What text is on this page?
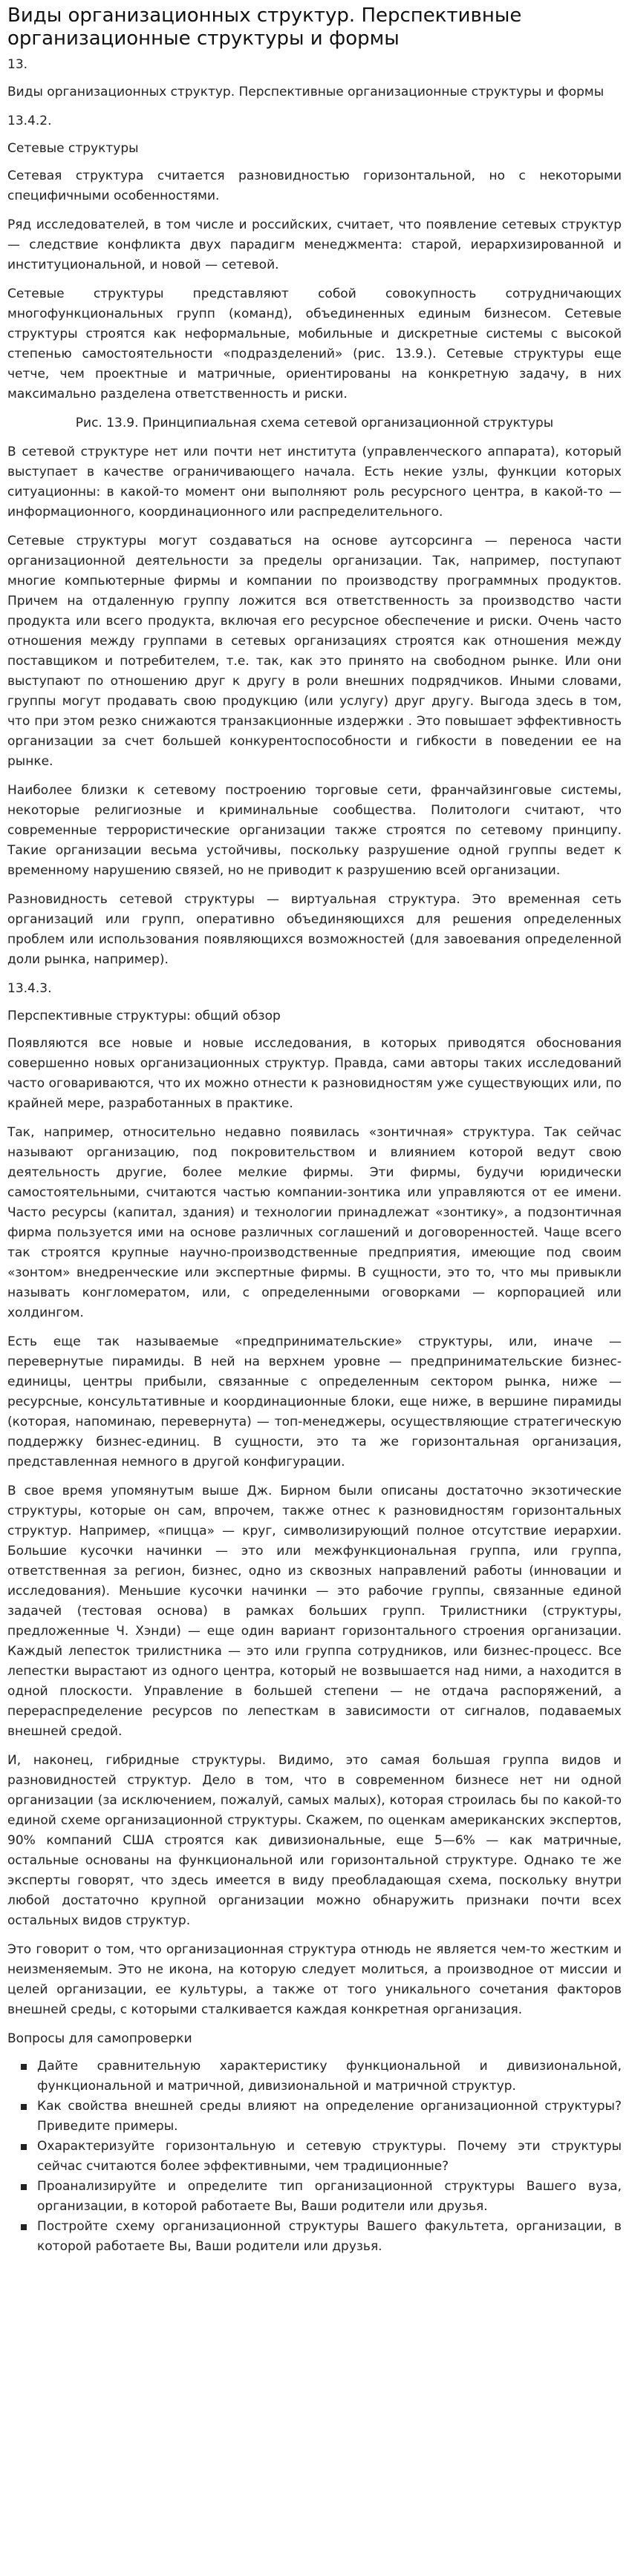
Виды организационных структур. Перспективные организационные структуры и формы
13.

Виды организационных структур. Перспективные организационные структуры и формы

13.4.2.

Сетевые структуры

Сетевая структура считается разновидностью горизонтальной, но с некоторыми специфичными особенностями.

Ряд исследователей, в том числе и российских, считает, что появление сетевых структур — следствие конфликта двух парадигм менеджмента: старой, иерархизированной и институциональной, и новой — сетевой.

Сетевые структуры представляют собой совокупность сотрудничающих многофункциональных групп (команд), объединенных единым бизнесом. Сетевые структуры строятся как неформальные, мобильные и дискретные системы с высокой степенью самостоятельности «подразделений» (рис. 13.9.). Сетевые структуры еще четче, чем проектные и матричные, ориентированы на конкретную задачу, в них максимально разделена ответственность и риски.

Рис. 13.9. Принципиальная схема сетевой организационной структуры

В сетевой структуре нет или почти нет института (управленческого аппарата), который выступает в качестве ограничивающего начала. Есть некие узлы, функции которых ситуационны: в какой-то момент они выполняют роль ресурсного центра, в какой-то — информационного, координационного или распределительного.

Сетевые структуры могут создаваться на основе аутсорсинга — переноса части организационной деятельности за пределы организации. Так, например, поступают многие компьютерные фирмы и компании по производству программных продуктов. Причем на отдаленную группу ложится вся ответственность за производство части продукта или всего продукта, включая его ресурсное обеспечение и риски. Очень часто отношения между группами в сетевых организациях строятся как отношения между поставщиком и потребителем, т.е. так, как это принято на свободном рынке. Или они выступают по отношению друг к другу в роли внешних подрядчиков. Иными словами, группы могут продавать свою продукцию (или услугу) друг другу. Выгода здесь в том, что при этом резко снижаются транзакционные издержки . Это повышает эффективность организации за счет большей конкурентоспособности и гибкости в поведении ее на рынке.

Наиболее близки к сетевому построению торговые сети, франчайзинговые системы, некоторые религиозные и криминальные сообщества. Политологи считают, что современные террористические организации также строятся по сетевому принципу. Такие организации весьма устойчивы, поскольку разрушение одной группы ведет к временному нарушению связей, но не приводит к разрушению всей организации.

Разновидность сетевой структуры — виртуальная структура. Это временная сеть организаций или групп, оперативно объединяющихся для решения определенных проблем или использования появляющихся возможностей (для завоевания определенной доли рынка, например).

13.4.3.

Перспективные структуры: общий обзор

Появляются все новые и новые исследования, в которых приводятся обоснования совершенно новых организационных структур. Правда, сами авторы таких исследований часто оговариваются, что их можно отнести к разновидностям уже существующих или, по крайней мере, разработанных в практике.

Так, например, относительно недавно появилась «зонтичная» структура. Так сейчас называют организацию, под покровительством и влиянием которой ведут свою деятельность другие, более мелкие фирмы. Эти фирмы, будучи юридически самостоятельными, считаются частью компании-зонтика или управляются от ее имени. Часто ресурсы (капитал, здания) и технологии принадлежат «зонтику», а подзонтичная фирма пользуется ими на основе различных соглашений и договоренностей. Чаще всего так строятся крупные научно-производственные предприятия, имеющие под своим «зонтом» внедренческие или экспертные фирмы. В сущности, это то, что мы привыкли называть конгломератом, или, с определенными оговорками — корпорацией или холдингом.

Есть еще так называемые «предпринимательские» структуры, или, иначе — перевернутые пирамиды. В ней на верхнем уровне — предпринимательские бизнес-единицы, центры прибыли, связанные с определенным сектором рынка, ниже — ресурсные, консультативные и координационные блоки, еще ниже, в вершине пирамиды (которая, напоминаю, перевернута) — топ-менеджеры, осуществляющие стратегическую поддержку бизнес-единиц. В сущности, это та же горизонтальная организация, представленная немного в другой конфигурации.

В свое время упомянутым выше Дж. Бирном были описаны достаточно экзотические структуры, которые он сам, впрочем, также отнес к разновидностям горизонтальных структур. Например, «пицца» — круг, символизирующий полное отсутствие иерархии. Большие кусочки начинки — это или межфункциональная группа, или группа, ответственная за регион, бизнес, одно из сквозных направлений работы (инновации и исследования). Меньшие кусочки начинки — это рабочие группы, связанные единой задачей (тестовая основа) в рамках больших групп. Трилистники (структуры, предложенные Ч. Хэнди) — еще один вариант горизонтального строения организации. Каждый лепесток трилистника — это или группа сотрудников, или бизнес-процесс. Все лепестки вырастают из одного центра, который не возвышается над ними, а находится в одной плоскости. Управление в большей степени — не отдача распоряжений, а перераспределение ресурсов по лепесткам в зависимости от сигналов, подаваемых внешней средой.

И, наконец, гибридные структуры. Видимо, это самая большая группа видов и разновидностей структур. Дело в том, что в современном бизнесе нет ни одной организации (за исключением, пожалуй, самых малых), которая строилась бы по какой-то единой схеме организационной структуры. Скажем, по оценкам американских экспертов, 90% компаний США строятся как дивизиональные, еще 5—6% — как матричные, остальные основаны на функциональной или горизонтальной структуре. Однако те же эксперты говорят, что здесь имеется в виду преобладающая схема, поскольку внутри любой достаточно крупной организации можно обнаружить признаки почти всех остальных видов структур.

Это говорит о том, что организационная структура отнюдь не является чем-то жестким и неизменяемым. Это не икона, на которую следует молиться, а производное от миссии и целей организации, ее культуры, а также от того уникального сочетания факторов внешней среды, с которыми сталкивается каждая конкретная организация.

Вопросы для самопроверки

Дайте сравнительную характеристику функциональной и дивизиональной, функциональной и матричной, дивизиональной и матричной структур.
Как свойства внешней среды влияют на определение организационной структуры? Приведите примеры.
Охарактеризуйте горизонтальную и сетевую структуры. Почему эти структуры сейчас считаются более эффективными, чем традиционные?
Проанализируйте и определите тип организационной структуры Вашего вуза, организации, в которой работаете Вы, Ваши родители или друзья.
Постройте схему организационной структуры Вашего факультета, организации, в которой работаете Вы, Ваши родители или друзья.
